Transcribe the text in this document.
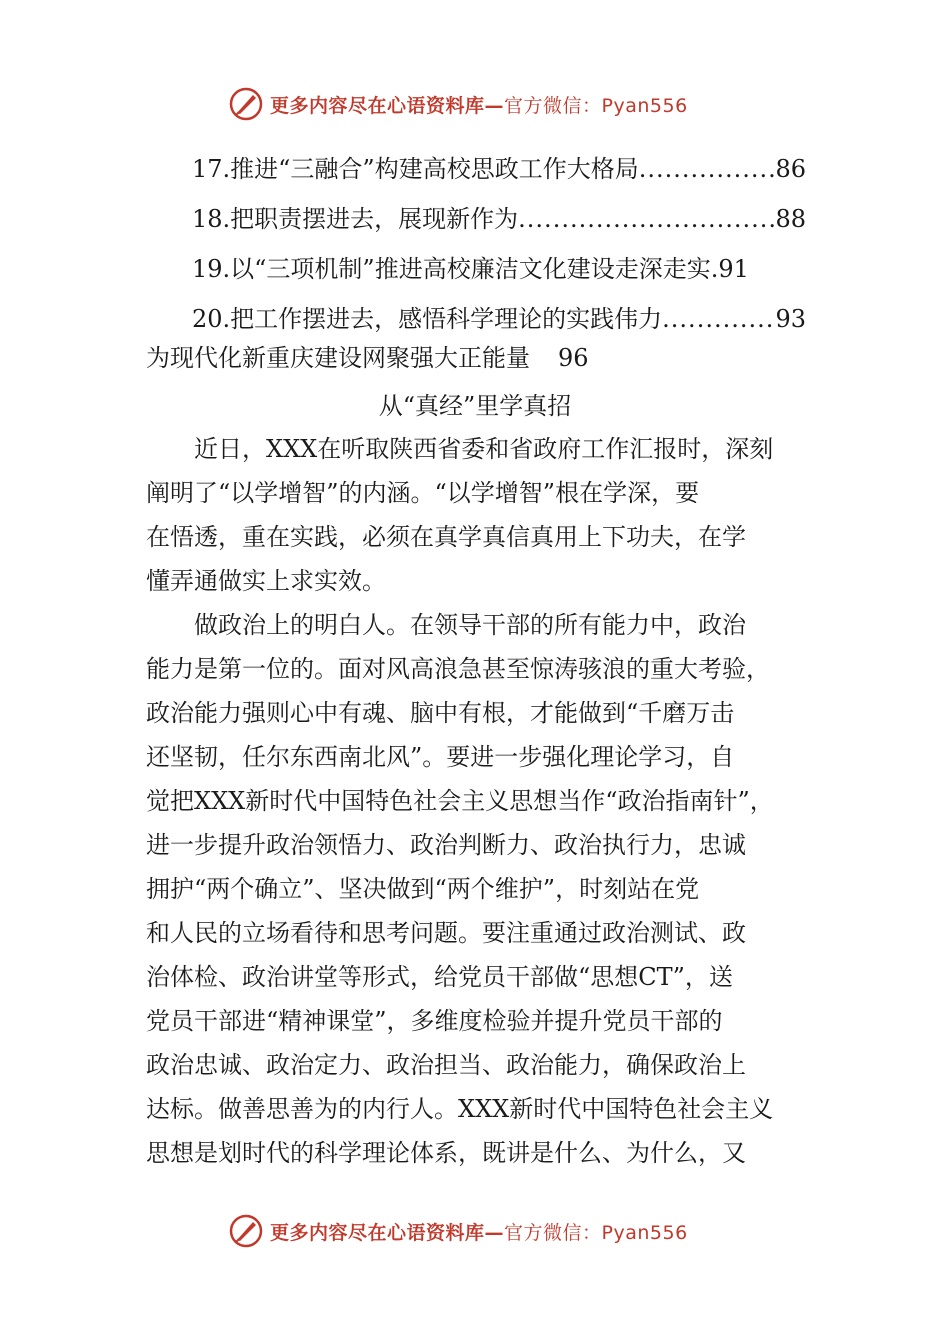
更多内容尽在心语资料库—官方微信：Pyan556
17.推进“三融合”构建高校思政工作大格局 .....	86
18.把职责摆进去，展现新作为 .....	88
19.以“三项机制”推进高校廉洁文化建设走深走实 .91
20.把工作摆进去，感悟科学理论的实践伟力 .....	93
为现代化新重庆建设网聚强大正能量 96
从“真经”里学真招
近日，XXX在听取陕西省委和省政府工作汇报时，深刻
阐明了“以学增智”的内涵。“以学增智”根在学深，要
在悟透，重在实践，必须在真学真信真用上下功夫，在学
懂弄通做实上求实效。
做政治上的明白人。在领导干部的所有能力中，政治
能力是第一位的。面对风高浪急甚至惊涛骇浪的重大考验，
政治能力强则心中有魂、脑中有根，才能做到“千磨万击
还坚韧，任尔东西南北风”。要进一步强化理论学习，自
觉把XXX新时代中国特色社会主义思想当作“政治指南针”，
进一步提升政治领悟力、政治判断力、政治执行力，忠诚
拥护“两个确立”、坚决做到“两个维护”，时刻站在党
和人民的立场看待和思考问题。要注重通过政治测试、政
治体检、政治讲堂等形式，给党员干部做“思想CT”，送
党员干部进“精神课堂”，多维度检验并提升党员干部的
政治忠诚、政治定力、政治担当、政治能力，确保政治上
达标。做善思善为的内行人。XXX新时代中国特色社会主义
思想是划时代的科学理论体系，既讲是什么、为什么，又
更多内容尽在心语资料库—官方微信：Pyan556
